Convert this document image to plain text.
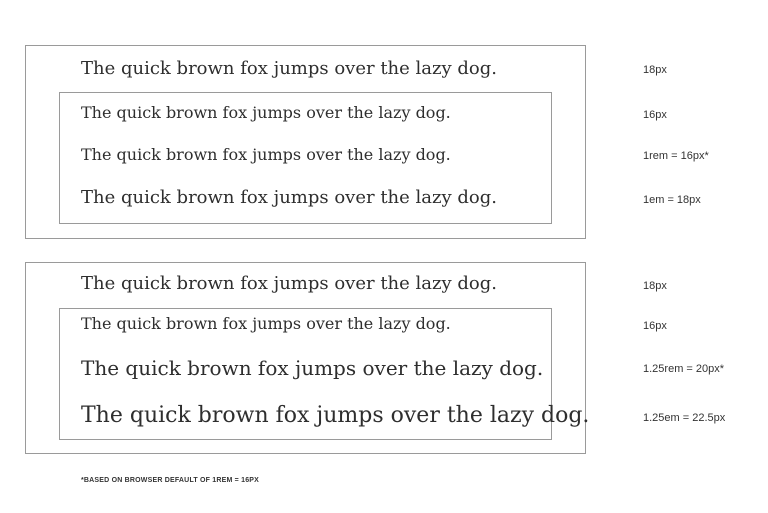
The quick brown fox jumps over the lazy dog.
The quick brown fox jumps over the lazy dog.
The quick brown fox jumps over the lazy dog.
The quick brown fox jumps over the lazy dog.
18px
16px
1rem = 16px*
1em = 18px
The quick brown fox jumps over the lazy dog.
The quick brown fox jumps over the lazy dog.
The quick brown fox jumps over the lazy dog.
The quick brown fox jumps over the lazy dog.
18px
16px
1.25rem = 20px*
1.25em = 22.5px
*BASED ON BROWSER DEFAULT OF 1REM = 16PX
